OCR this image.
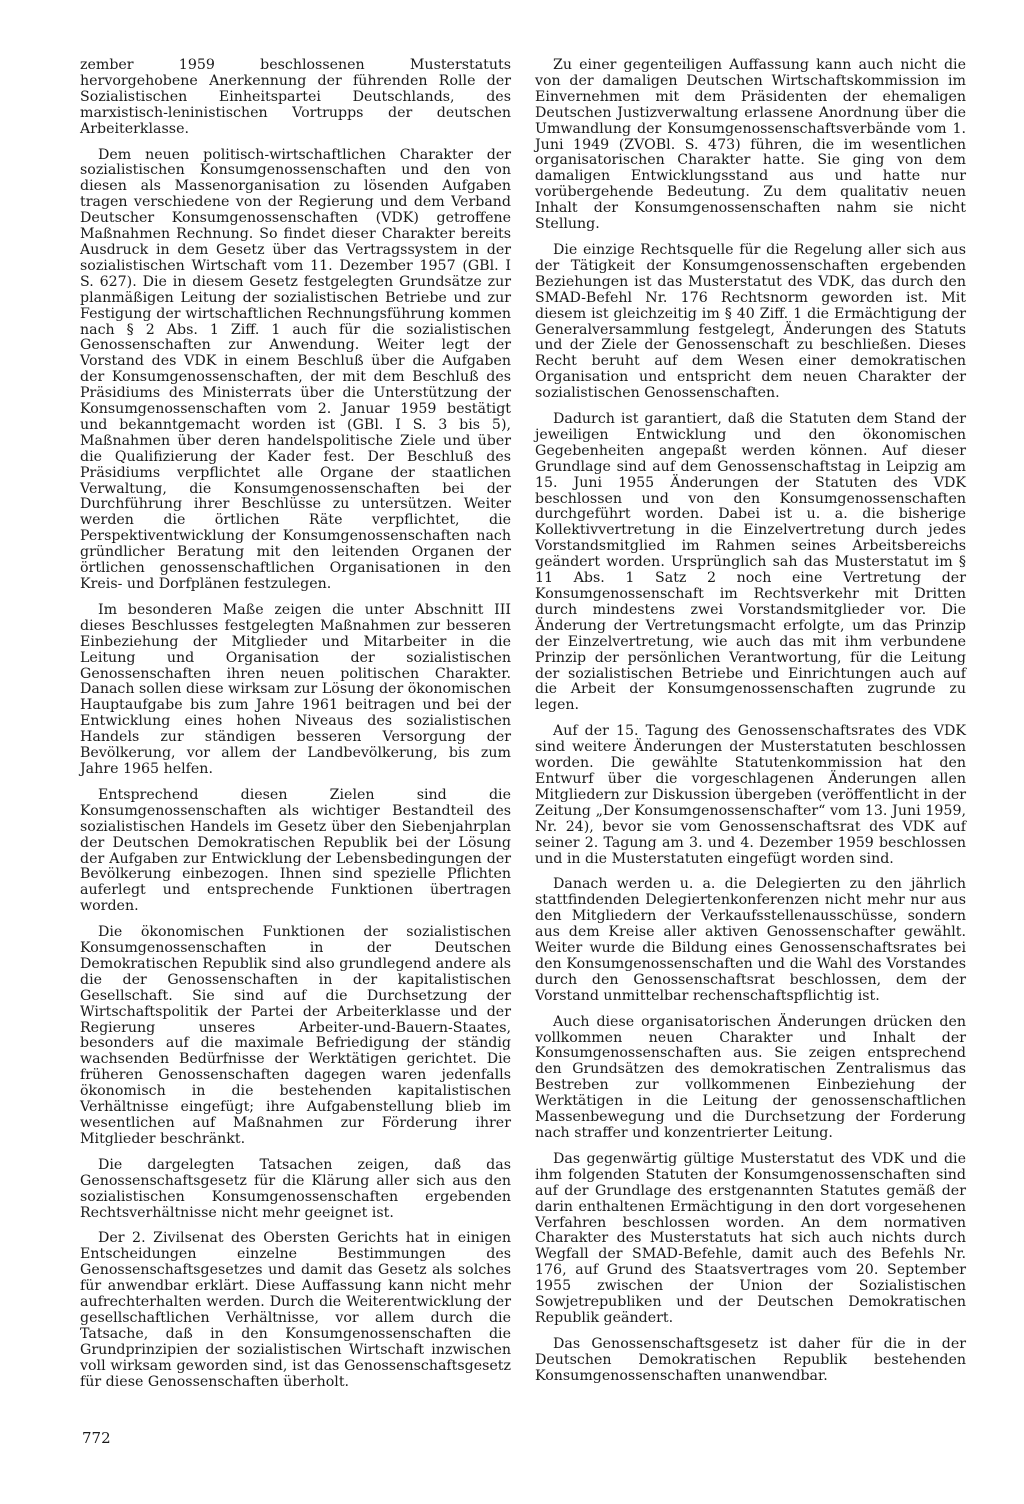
zember 1959 beschlossenen Musterstatuts hervorgehobene Anerkennung der führenden Rolle der Sozialistischen Einheitspartei Deutschlands, des marxistisch-leninistischen Vortrupps der deutschen Arbeiterklasse.

Dem neuen politisch-wirtschaftlichen Charakter der sozialistischen Konsumgenossenschaften und den von diesen als Massenorganisation zu lösenden Aufgaben tragen verschiedene von der Regierung und dem Verband Deutscher Konsumgenossenschaften (VDK) getroffene Maßnahmen Rechnung. So findet dieser Charakter bereits Ausdruck in dem Gesetz über das Vertragssystem in der sozialistischen Wirtschaft vom 11. Dezember 1957 (GBl. I S. 627). Die in diesem Gesetz festgelegten Grundsätze zur planmäßigen Leitung der sozialistischen Betriebe und zur Festigung der wirtschaftlichen Rechnungsführung kommen nach § 2 Abs. 1 Ziff. 1 auch für die sozialistischen Genossenschaften zur Anwendung. Weiter legt der Vorstand des VDK in einem Beschluß über die Aufgaben der Konsumgenossenschaften, der mit dem Beschluß des Präsidiums des Ministerrats über die Unterstützung der Konsumgenossenschaften vom 2. Januar 1959 bestätigt und bekanntgemacht worden ist (GBl. I S. 3 bis 5), Maßnahmen über deren handelspolitische Ziele und über die Qualifizierung der Kader fest. Der Beschluß des Präsidiums verpflichtet alle Organe der staatlichen Verwaltung, die Konsumgenossenschaften bei der Durchführung ihrer Beschlüsse zu untersützen. Weiter werden die örtlichen Räte verpflichtet, die Perspektiventwicklung der Konsumgenossenschaften nach gründlicher Beratung mit den leitenden Organen der örtlichen genossenschaftlichen Organisationen in den Kreis- und Dorfplänen festzulegen.

Im besonderen Maße zeigen die unter Abschnitt III dieses Beschlusses festgelegten Maßnahmen zur besseren Einbeziehung der Mitglieder und Mitarbeiter in die Leitung und Organisation der sozialistischen Genossenschaften ihren neuen politischen Charakter. Danach sollen diese wirksam zur Lösung der ökonomischen Hauptaufgabe bis zum Jahre 1961 beitragen und bei der Entwicklung eines hohen Niveaus des sozialistischen Handels zur ständigen besseren Versorgung der Bevölkerung, vor allem der Landbevölkerung, bis zum Jahre 1965 helfen.

Entsprechend diesen Zielen sind die Konsumgenossenschaften als wichtiger Bestandteil des sozialistischen Handels im Gesetz über den Siebenjahrplan der Deutschen Demokratischen Republik bei der Lösung der Aufgaben zur Entwicklung der Lebensbedingungen der Bevölkerung einbezogen. Ihnen sind spezielle Pflichten auferlegt und entsprechende Funktionen übertragen worden.

Die ökonomischen Funktionen der sozialistischen Konsumgenossenschaften in der Deutschen Demokratischen Republik sind also grundlegend andere als die der Genossenschaften in der kapitalistischen Gesellschaft. Sie sind auf die Durchsetzung der Wirtschaftspolitik der Partei der Arbeiterklasse und der Regierung unseres Arbeiter-und-Bauern-Staates, besonders auf die maximale Befriedigung der ständig wachsenden Bedürfnisse der Werktätigen gerichtet. Die früheren Genossenschaften dagegen waren jedenfalls ökonomisch in die bestehenden kapitalistischen Verhältnisse eingefügt; ihre Aufgabenstellung blieb im wesentlichen auf Maßnahmen zur Förderung ihrer Mitglieder beschränkt.

Die dargelegten Tatsachen zeigen, daß das Genossenschaftsgesetz für die Klärung aller sich aus den sozialistischen Konsumgenossenschaften ergebenden Rechtsverhältnisse nicht mehr geeignet ist.

Der 2. Zivilsenat des Obersten Gerichts hat in einigen Entscheidungen einzelne Bestimmungen des Genossenschaftsgesetzes und damit das Gesetz als solches für anwendbar erklärt. Diese Auffassung kann nicht mehr aufrechterhalten werden. Durch die Weiterentwicklung der gesellschaftlichen Verhältnisse, vor allem durch die Tatsache, daß in den Konsumgenossenschaften die Grundprinzipien der sozialistischen Wirtschaft inzwischen voll wirksam geworden sind, ist das Genossenschaftsgesetz für diese Genossenschaften überholt.

Zu einer gegenteiligen Auffassung kann auch nicht die von der damaligen Deutschen Wirtschaftskommission im Einvernehmen mit dem Präsidenten der ehemaligen Deutschen Justizverwaltung erlassene Anordnung über die Umwandlung der Konsumgenossenschaftsverbände vom 1. Juni 1949 (ZVOBl. S. 473) führen, die im wesentlichen organisatorischen Charakter hatte. Sie ging von dem damaligen Entwicklungsstand aus und hatte nur vorübergehende Bedeutung. Zu dem qualitativ neuen Inhalt der Konsumgenossenschaften nahm sie nicht Stellung.

Die einzige Rechtsquelle für die Regelung aller sich aus der Tätigkeit der Konsumgenossenschaften ergebenden Beziehungen ist das Musterstatut des VDK, das durch den SMAD-Befehl Nr. 176 Rechtsnorm geworden ist. Mit diesem ist gleichzeitig im § 40 Ziff. 1 die Ermächtigung der Generalversammlung festgelegt, Änderungen des Statuts und der Ziele der Genossenschaft zu beschließen. Dieses Recht beruht auf dem Wesen einer demokratischen Organisation und entspricht dem neuen Charakter der sozialistischen Genossenschaften.

Dadurch ist garantiert, daß die Statuten dem Stand der jeweiligen Entwicklung und den ökonomischen Gegebenheiten angepaßt werden können. Auf dieser Grundlage sind auf dem Genossenschaftstag in Leipzig am 15. Juni 1955 Änderungen der Statuten des VDK beschlossen und von den Konsumgenossenschaften durchgeführt worden. Dabei ist u. a. die bisherige Kollektivvertretung in die Einzelvertretung durch jedes Vorstandsmitglied im Rahmen seines Arbeitsbereichs geändert worden. Ursprünglich sah das Musterstatut im § 11 Abs. 1 Satz 2 noch eine Vertretung der Konsumgenossenschaft im Rechtsverkehr mit Dritten durch mindestens zwei Vorstandsmitglieder vor. Die Änderung der Vertretungsmacht erfolgte, um das Prinzip der Einzelvertretung, wie auch das mit ihm verbundene Prinzip der persönlichen Verantwortung, für die Leitung der sozialistischen Betriebe und Einrichtungen auch auf die Arbeit der Konsumgenossenschaften zugrunde zu legen.

Auf der 15. Tagung des Genossenschaftsrates des VDK sind weitere Änderungen der Musterstatuten beschlossen worden. Die gewählte Statutenkommission hat den Entwurf über die vorgeschlagenen Änderungen allen Mitgliedern zur Diskussion übergeben (veröffentlicht in der Zeitung „Der Konsumgenossenschafter“ vom 13. Juni 1959, Nr. 24), bevor sie vom Genossenschaftsrat des VDK auf seiner 2. Tagung am 3. und 4. Dezember 1959 beschlossen und in die Musterstatuten eingefügt worden sind.

Danach werden u. a. die Delegierten zu den jährlich stattfindenden Delegiertenkonferenzen nicht mehr nur aus den Mitgliedern der Verkaufsstellenausschüsse, sondern aus dem Kreise aller aktiven Genossenschafter gewählt. Weiter wurde die Bildung eines Genossenschaftsrates bei den Konsumgenossenschaften und die Wahl des Vorstandes durch den Genossenschaftsrat beschlossen, dem der Vorstand unmittelbar rechenschaftspflichtig ist.

Auch diese organisatorischen Änderungen drücken den vollkommen neuen Charakter und Inhalt der Konsumgenossenschaften aus. Sie zeigen entsprechend den Grundsätzen des demokratischen Zentralismus das Bestreben zur vollkommenen Einbeziehung der Werktätigen in die Leitung der genossenschaftlichen Massenbewegung und die Durchsetzung der Forderung nach straffer und konzentrierter Leitung.

Das gegenwärtig gültige Musterstatut des VDK und die ihm folgenden Statuten der Konsumgenossenschaften sind auf der Grundlage des erstgenannten Statutes gemäß der darin enthaltenen Ermächtigung in den dort vorgesehenen Verfahren beschlossen worden. An dem normativen Charakter des Musterstatuts hat sich auch nichts durch Wegfall der SMAD-Befehle, damit auch des Befehls Nr. 176, auf Grund des Staatsvertrages vom 20. September 1955 zwischen der Union der Sozialistischen Sowjetrepubliken und der Deutschen Demokratischen Republik geändert.

Das Genossenschaftsgesetz ist daher für die in der Deutschen Demokratischen Republik bestehenden Konsumgenossenschaften unanwendbar.

772
